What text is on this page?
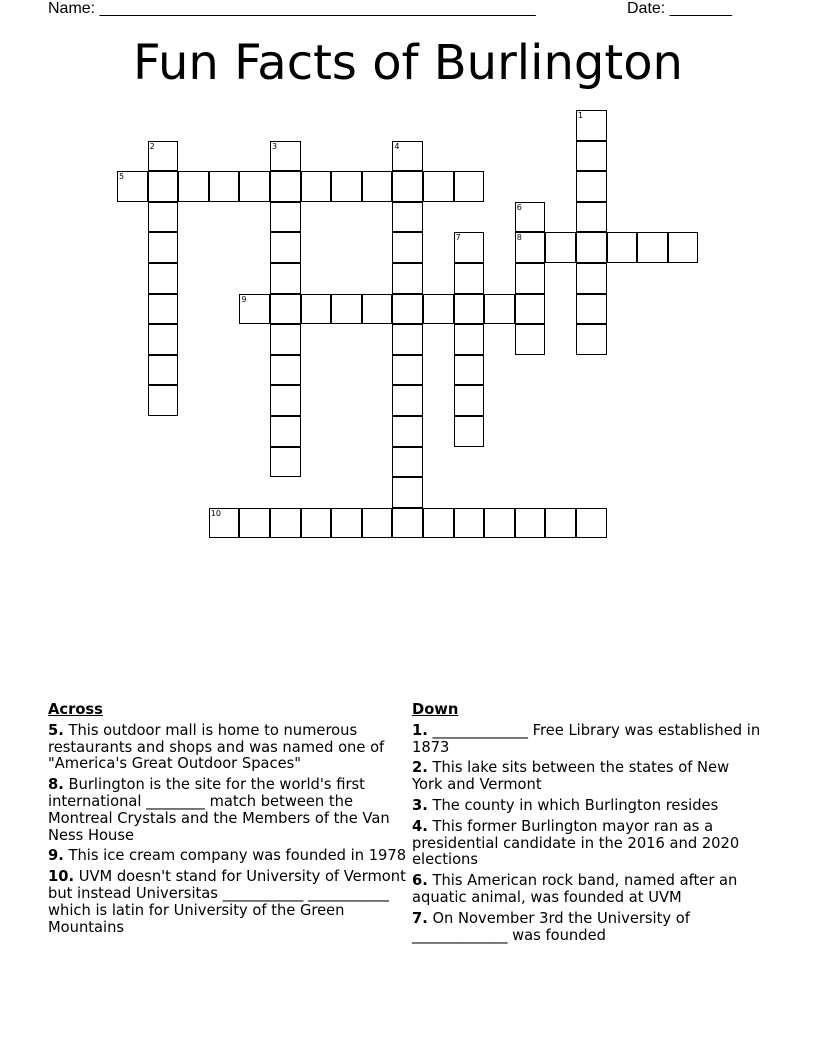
Name: _________________________________________________	Date: _______
Fun Facts of Burlington
1
2	3	4
5
6
8
7
9
10
Across
5. This outdoor mall is home to numerous restaurants and shops and was named one of "America's Great Outdoor Spaces"
8. Burlington is the site for the world's first international ________ match between the Montreal Crystals and the Members of the Van Ness House
9. This ice cream company was founded in 1978
10. UVM doesn't stand for University of Vermont but instead Universitas ___________ ___________ which is latin for University of the Green Mountains
Down
1. _____________ Free Library was established in 1873
2. This lake sits between the states of New York and Vermont
3. The county in which Burlington resides
4. This former Burlington mayor ran as a presidential candidate in the 2016 and 2020 elections
6. This American rock band, named after an aquatic animal, was founded at UVM
7. On November 3rd the University of _____________ was founded
